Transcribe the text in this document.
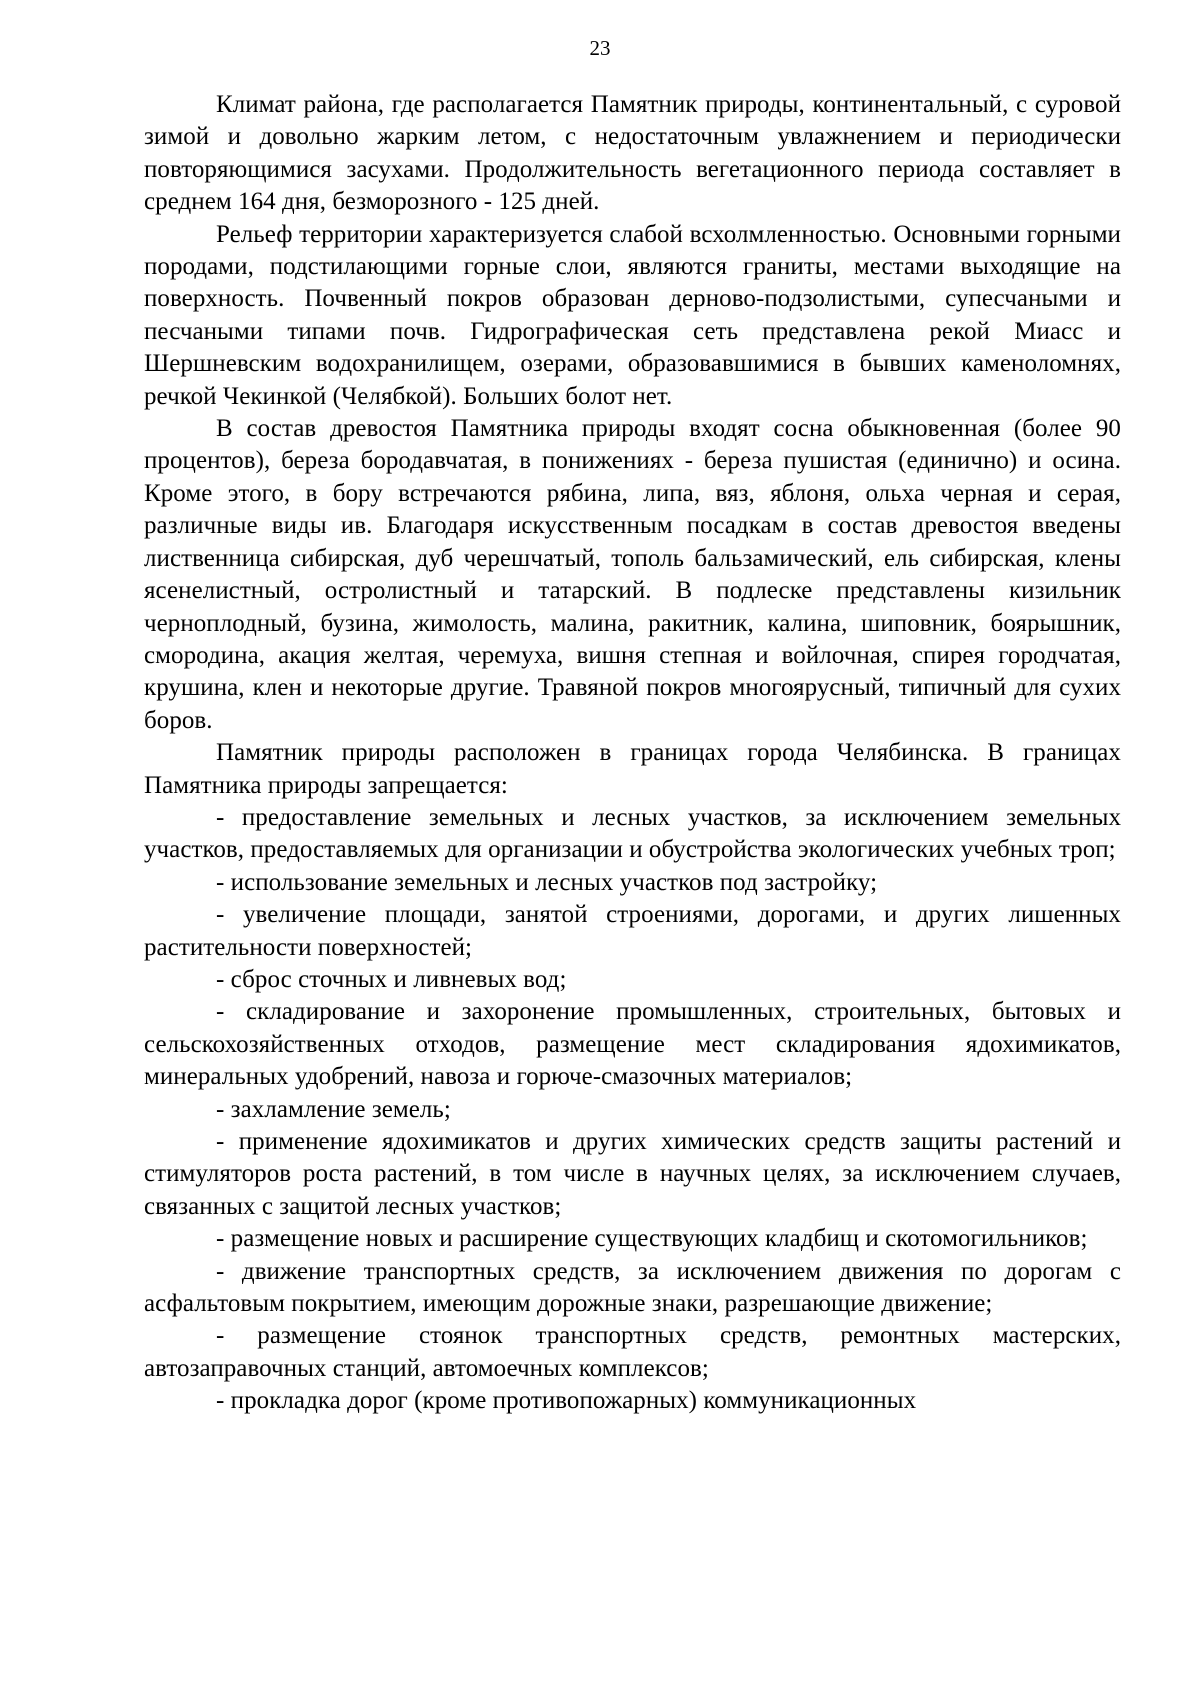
23

Климат района, где располагается Памятник природы, континентальный, с суровой зимой и довольно жарким летом, с недостаточным увлажнением и периодически повторяющимися засухами. Продолжительность вегетационного периода составляет в среднем 164 дня, безморозного - 125 дней.

Рельеф территории характеризуется слабой всхолмленностью. Основными горными породами, подстилающими горные слои, являются граниты, местами выходящие на поверхность. Почвенный покров образован дерново-подзолистыми, супесчаными и песчаными типами почв. Гидрографическая сеть представлена рекой Миасс и Шершневским водохранилищем, озерами, образовавшимися в бывших каменоломнях, речкой Чекинкой (Челябкой). Больших болот нет.

В состав древостоя Памятника природы входят сосна обыкновенная (более 90 процентов), береза бородавчатая, в понижениях - береза пушистая (единично) и осина. Кроме этого, в бору встречаются рябина, липа, вяз, яблоня, ольха черная и серая, различные виды ив. Благодаря искусственным посадкам в состав древостоя введены лиственница сибирская, дуб черешчатый, тополь бальзамический, ель сибирская, клены ясенелистный, остролистный и татарский. В подлеске представлены кизильник черноплодный, бузина, жимолость, малина, ракитник, калина, шиповник, боярышник, смородина, акация желтая, черемуха, вишня степная и войлочная, спирея городчатая, крушина, клен и некоторые другие. Травяной покров многоярусный, типичный для сухих боров.

Памятник природы расположен в границах города Челябинска. В границах Памятника природы запрещается:

- предоставление земельных и лесных участков, за исключением земельных участков, предоставляемых для организации и обустройства экологических учебных троп;

- использование земельных и лесных участков под застройку;

- увеличение площади, занятой строениями, дорогами, и других лишенных растительности поверхностей;

- сброс сточных и ливневых вод;

- складирование и захоронение промышленных, строительных, бытовых и сельскохозяйственных отходов, размещение мест складирования ядохимикатов, минеральных удобрений, навоза и горюче-смазочных материалов;

- захламление земель;

- применение ядохимикатов и других химических средств защиты растений и стимуляторов роста растений, в том числе в научных целях, за исключением случаев, связанных с защитой лесных участков;

- размещение новых и расширение существующих кладбищ и скотомогильников;

- движение транспортных средств, за исключением движения по дорогам с асфальтовым покрытием, имеющим дорожные знаки, разрешающие движение;

- размещение стоянок транспортных средств, ремонтных мастерских, автозаправочных станций, автомоечных комплексов;

- прокладка дорог (кроме противопожарных) коммуникационных
